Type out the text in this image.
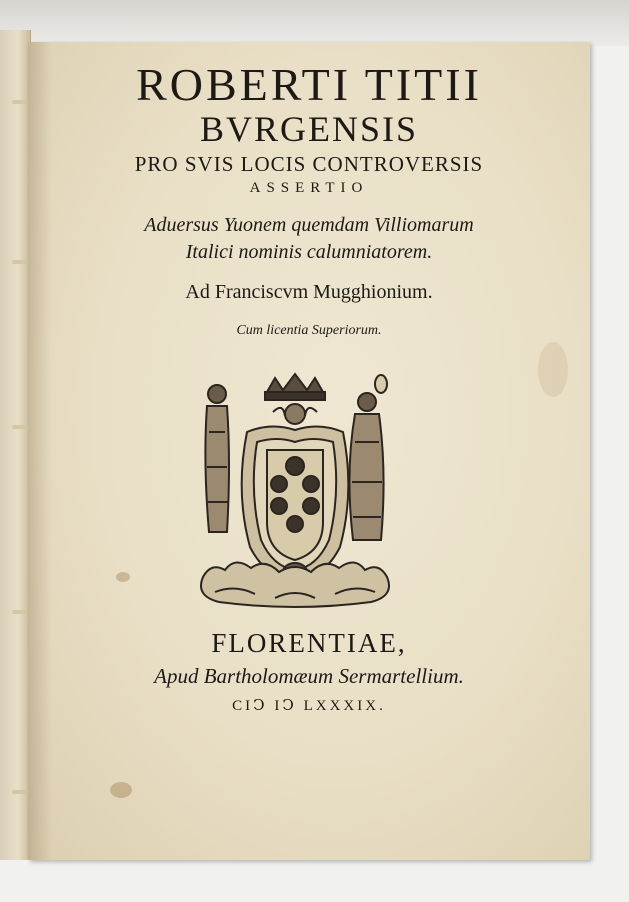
ROBERTI TITII
BVRGENSIS
PRO SVIS LOCIS CONTROVERSIS
ASSERTIO
Aduersus Yuonem quemdam Villiomarum
Italici nominis calumniatorem.
Ad Franciscvm Mugghionium.
Cum licentia Superiorum.
FLORENTIAE,
Apud Bartholomæum Sermartellium.
CIↃ IↃ LXXXIX.
